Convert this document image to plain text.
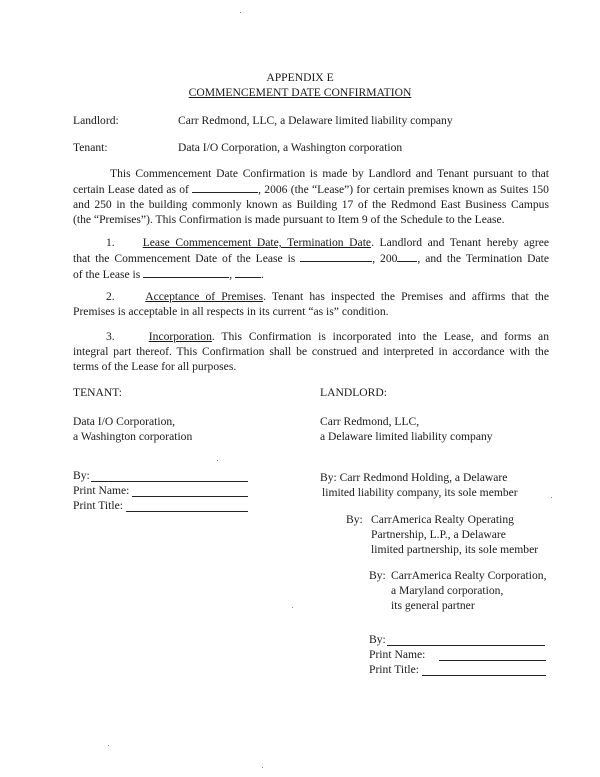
APPENDIX E
COMMENCEMENT DATE CONFIRMATION
Landlord:	Carr Redmond, LLC, a Delaware limited liability company
Tenant:	Data I/O Corporation, a Washington corporation
This Commencement Date Confirmation is made by Landlord and Tenant pursuant to that
certain Lease dated as of	, 2006 (the “Lease”) for certain premises known as Suites 150
and 250 in the building commonly known as Building 17 of the Redmond East Business Campus
(the “Premises”). This Confirmation is made pursuant to Item 9 of the Schedule to the Lease.
1. Lease Commencement Date, Termination Date. Landlord and Tenant hereby agree
that the Commencement Date of the Lease is	, 200 , and the Termination Date
of the Lease is	, .
2.	Acceptance of Premises. Tenant has inspected the Premises and affirms that the
Premises is acceptable in all respects in its current “as is” condition.
3.	Incorporation. This Confirmation is incorporated into the Lease, and forms an
integral part thereof. This Confirmation shall be construed and interpreted in accordance with the
terms of the Lease for all purposes.
TENANT:
Data I/O Corporation,
a Washington corporation
By:
Print Name:
Print Title:
LANDLORD:
Carr Redmond, LLC,
a Delaware limited liability company
By: Carr Redmond Holding, a Delaware
limited liability company, its sole member
By: CarrAmerica Realty Operating
Partnership, L.P., a Delaware
limited partnership, its sole member
By: CarrAmerica Realty Corporation,
a Maryland corporation,
its general partner
By:
Print Name:
Print Title:
